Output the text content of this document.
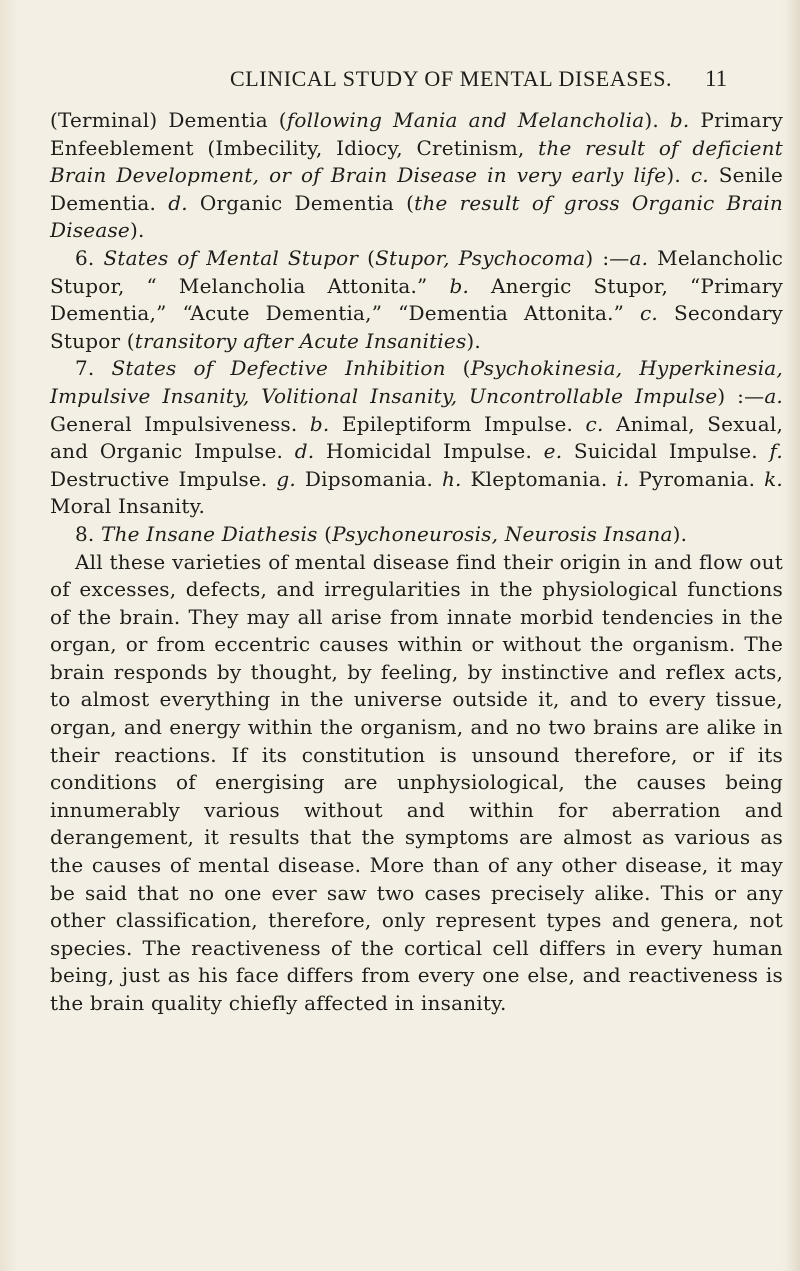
CLINICAL STUDY OF MENTAL DISEASES. 11

(Terminal) Dementia (following Mania and Melancholia). b. Primary Enfeeblement (Imbecility, Idiocy, Cretinism, the result of deficient Brain Development, or of Brain Disease in very early life). c. Senile Dementia. d. Organic Dementia (the result of gross Organic Brain Disease).

6. States of Mental Stupor (Stupor, Psychocoma) :—a. Melancholic Stupor, “ Melancholia Attonita.” b. Anergic Stupor, “Primary Dementia,” “Acute Dementia,” “Dementia Attonita.” c. Secondary Stupor (transitory after Acute Insanities).

7. States of Defective Inhibition (Psychokinesia, Hyperkinesia, Impulsive Insanity, Volitional Insanity, Uncontrollable Impulse) :—a. General Impulsiveness. b. Epileptiform Impulse. c. Animal, Sexual, and Organic Impulse. d. Homicidal Impulse. e. Suicidal Impulse. f. Destructive Impulse. g. Dipsomania. h. Kleptomania. i. Pyromania. k. Moral Insanity.

8. The Insane Diathesis (Psychoneurosis, Neurosis Insana).

All these varieties of mental disease find their origin in and flow out of excesses, defects, and irregularities in the physiological functions of the brain. They may all arise from innate morbid tendencies in the organ, or from eccentric causes within or without the organism. The brain responds by thought, by feeling, by instinctive and reflex acts, to almost everything in the universe outside it, and to every tissue, organ, and energy within the organism, and no two brains are alike in their reactions. If its constitution is unsound therefore, or if its conditions of energising are unphysiological, the causes being innumerably various without and within for aberration and derangement, it results that the symptoms are almost as various as the causes of mental disease. More than of any other disease, it may be said that no one ever saw two cases precisely alike. This or any other classification, therefore, only represent types and genera, not species. The reactiveness of the cortical cell differs in every human being, just as his face differs from every one else, and reactiveness is the brain quality chiefly affected in insanity.
